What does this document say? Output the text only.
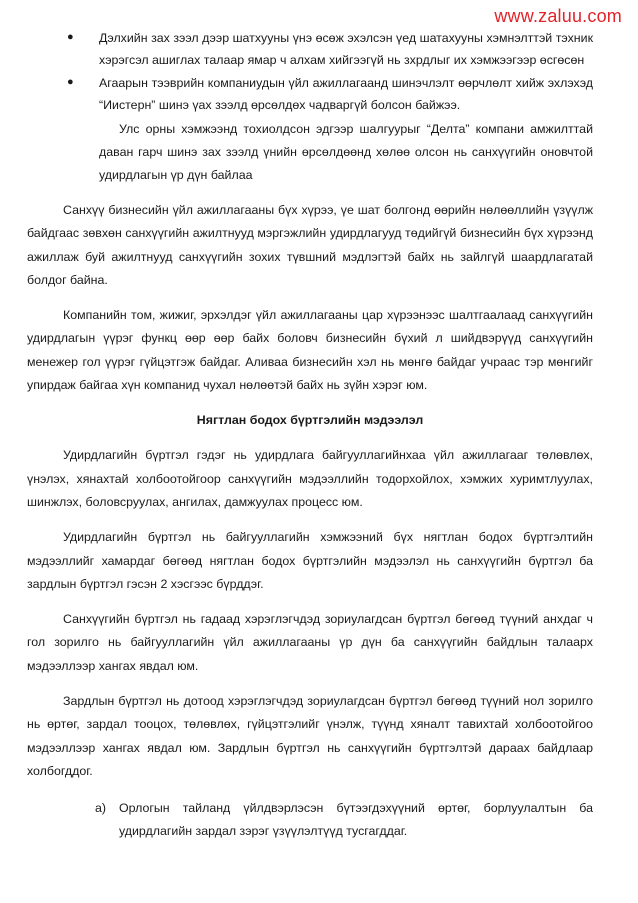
www.zaluu.com
● Дэлхийн зах зээл дээр шатхууны үнэ өсөж эхэлсэн үед шатахууны хэмнэлттэй тэхник хэрэгсэл ашиглах талаар ямар ч алхам хийгээгүй нь зхрдлыг их хэмжээгээр өсгөсөн

● Агаарын тээврийн компаниудын үйл ажиллагаанд шинэчлэлт өөрчлөлт хийж эхлэхэд “Иистерн” шинэ үах зээлд өрсөлдөх чадваргүй болсон байжээ.

Улс орны хэмжээнд тохиолдсон эдгээр шалгуурыг “Делта” компани амжилттай даван гарч шинэ зах зээлд үнийн өрсөлдөөнд хөлөө олсон нь санхүүгийн оновчтой удирдлагын үр дүн байлаа

Санхүү бизнесийн үйл ажиллагааны бүх хүрээ, үе шат болгонд өөрийн нөлөөллийн үзүүлж байдгаас зөвхөн санхүүгийн ажилтнууд мэргэжлийн удирдлагууд төдийгүй бизнесийн бүх хүрээнд ажиллаж буй ажилтнууд санхүүгийн зохих түвшний мэдлэгтэй байх нь зайлгүй шаардлагатай болдог байна.

Компанийн том, жижиг, эрхэлдэг үйл ажиллагааны цар хүрээнээс шалтгаалаад санхүүгийн удирдлагын үүрэг функц өөр өөр байх боловч бизнесийн бүхий л шийдвэрүүд санхүүгийн менежер гол үүрэг гүйцэтгэж байдаг. Аливаа бизнесийн хэл нь мөнгө байдаг учраас тэр мөнгийг упирдаж байгаа хүн компанид чухал нөлөөтэй байх нь зүйн хэрэг юм.

Нягтлан бодох бүртгэлийн мэдээлэл

Удирдлагийн бүртгэл гэдэг нь удирдлага байгууллагийнхаа үйл ажиллагааг төлөвлөх, үнэлэх, хянахтай холбоотойгоор санхүүгийн мэдээллийн тодорхойлох, хэмжих хуримтлуулах, шинжлэх, боловсруулах, ангилах, дамжуулах процесс юм.

Удирдлагийн бүртгэл нь байгууллагийн хэмжээний бүх нягтлан бодох бүртгэлтийн мэдээллийг хамардаг бөгөөд нягтлан бодох бүртгэлийн мэдээлэл нь санхүүгийн бүртгэл ба зардлын бүртгэл гэсэн 2 хэсгээс бүрддэг.

Санхүүгийн бүртгэл нь гадаад хэрэглэгчдэд зориулагдсан бүртгэл бөгөөд түүний анхдаг ч гол зорилго нь байгууллагийн үйл ажиллагааны үр дүн ба санхүүгийн байдлын талаарх мэдээллээр хангах явдал юм.

Зардлын бүртгэл нь дотоод хэрэглэгчдэд зориулагдсан бүртгэл бөгөөд түүний нол зорилго нь өртөг, зардал тооцох, төлөвлөх, гүйцэтгэлийг үнэлж, түүнд хяналт тавихтай холбоотойгоо мэдээллээр хангах явдал юм. Зардлын бүртгэл нь санхүүгийн бүртгэлтэй дараах байдлаар холбогддог.

a)	Орлогын тайланд үйлдвэрлэсэн бүтээгдэхүүний өртөг, борлуулалтын ба удирдлагийн зардал зэрэг үзүүлэлтүүд тусгагддаг.
